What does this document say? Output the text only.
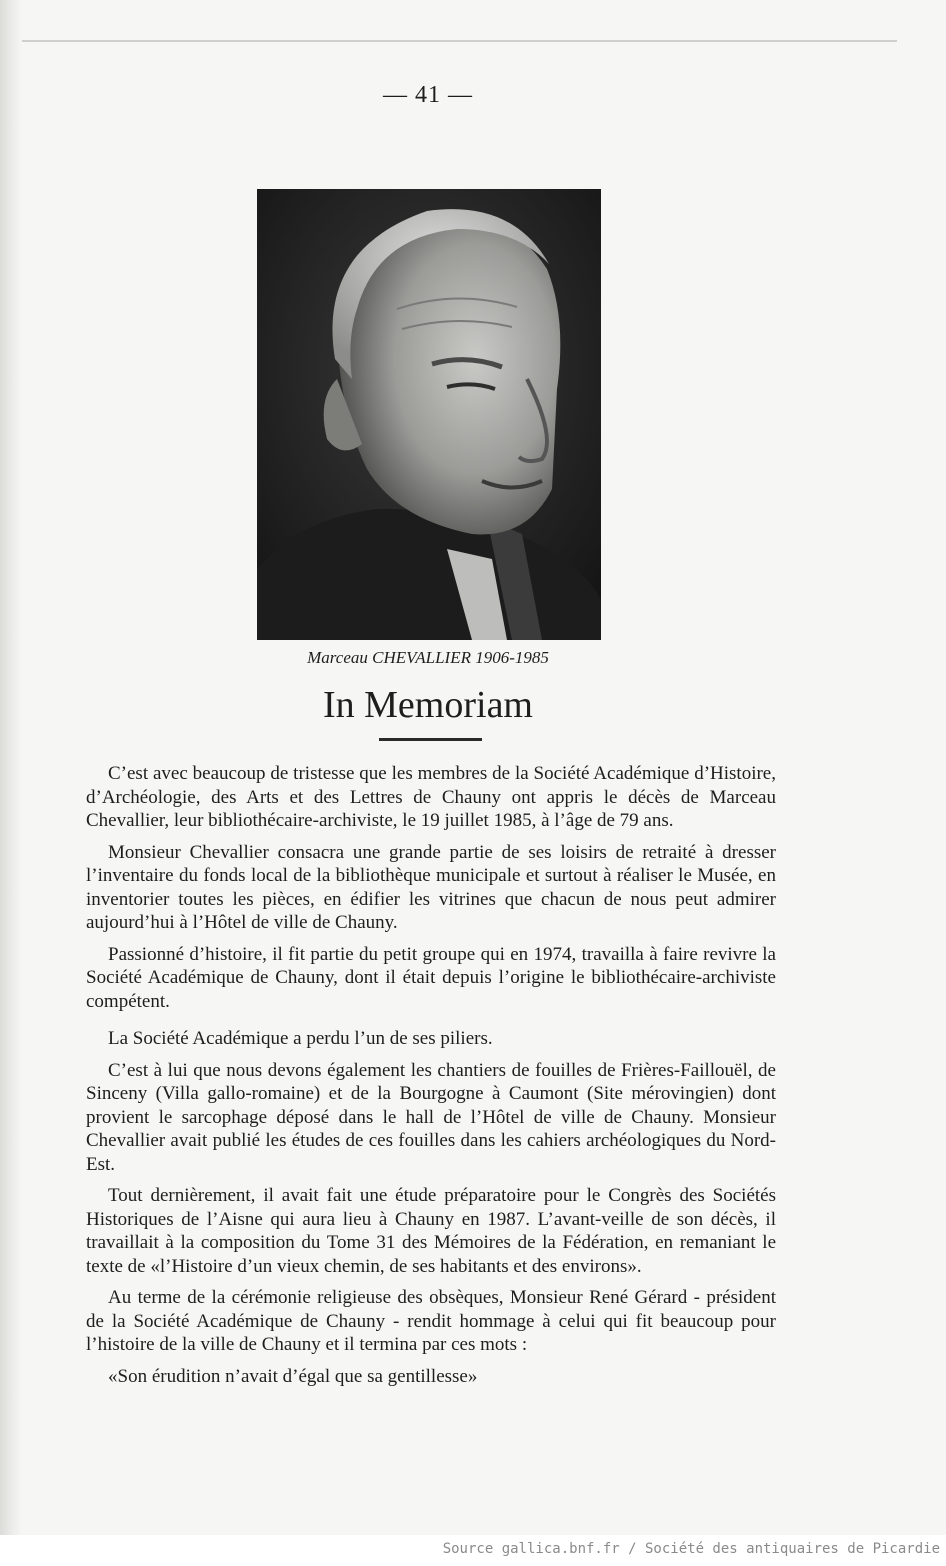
— 41 —
Marceau CHEVALLIER 1906-1985
In Memoriam

C’est avec beaucoup de tristesse que les membres de la Société Académique d’Histoire, d’Archéologie, des Arts et des Lettres de Chauny ont appris le décès de Marceau Chevallier, leur bibliothécaire-archiviste, le 19 juillet 1985, à l’âge de 79 ans.

Monsieur Chevallier consacra une grande partie de ses loisirs de retraité à dresser l’inventaire du fonds local de la bibliothèque municipale et surtout à réaliser le Musée, en inventorier toutes les pièces, en édifier les vitrines que chacun de nous peut admirer aujourd’hui à l’Hôtel de ville de Chauny.

Passionné d’histoire, il fit partie du petit groupe qui en 1974, travailla à faire revivre la Société Académique de Chauny, dont il était depuis l’origine le bibliothécaire-archiviste compétent.

La Société Académique a perdu l’un de ses piliers.

C’est à lui que nous devons également les chantiers de fouilles de Frières-Faillouël, de Sinceny (Villa gallo-romaine) et de la Bourgogne à Caumont (Site mérovingien) dont provient le sarcophage déposé dans le hall de l’Hôtel de ville de Chauny. Monsieur Chevallier avait publié les études de ces fouilles dans les cahiers archéologiques du Nord-Est.

Tout dernièrement, il avait fait une étude préparatoire pour le Congrès des Sociétés Historiques de l’Aisne qui aura lieu à Chauny en 1987. L’avant-veille de son décès, il travaillait à la composition du Tome 31 des Mémoires de la Fédération, en remaniant le texte de «l’Histoire d’un vieux chemin, de ses habitants et des environs».

Au terme de la cérémonie religieuse des obsèques, Monsieur René Gérard - président de la Société Académique de Chauny - rendit hommage à celui qui fit beaucoup pour l’histoire de la ville de Chauny et il termina par ces mots :

«Son érudition n’avait d’égal que sa gentillesse»

Source gallica.bnf.fr / Société des antiquaires de Picardie
